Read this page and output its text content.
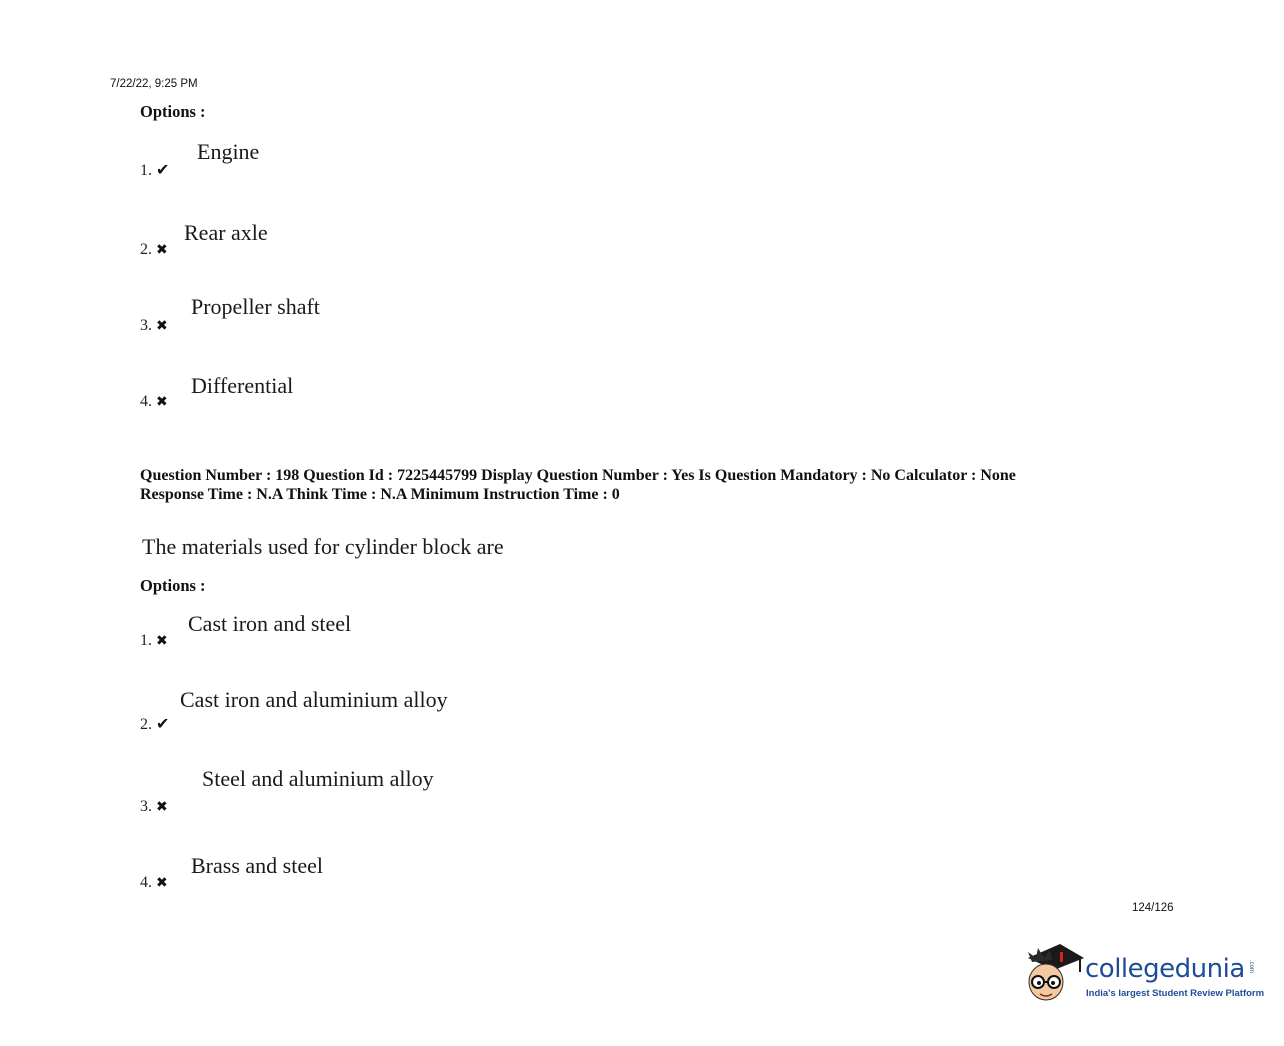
7/22/22, 9:25 PM
Options :
Engine
1. ✔
Rear axle
2. ✖
Propeller shaft
3. ✖
Differential
4. ✖
Question Number : 198 Question Id : 7225445799 Display Question Number : Yes Is Question Mandatory : No Calculator : None
Response Time : N.A Think Time : N.A Minimum Instruction Time : 0
The materials used for cylinder block are
Options :
Cast iron and steel
1. ✖
Cast iron and aluminium alloy
2. ✔
Steel and aluminium alloy
3. ✖
Brass and steel
4. ✖
124/126
collegedunia .com
India's largest Student Review Platform
